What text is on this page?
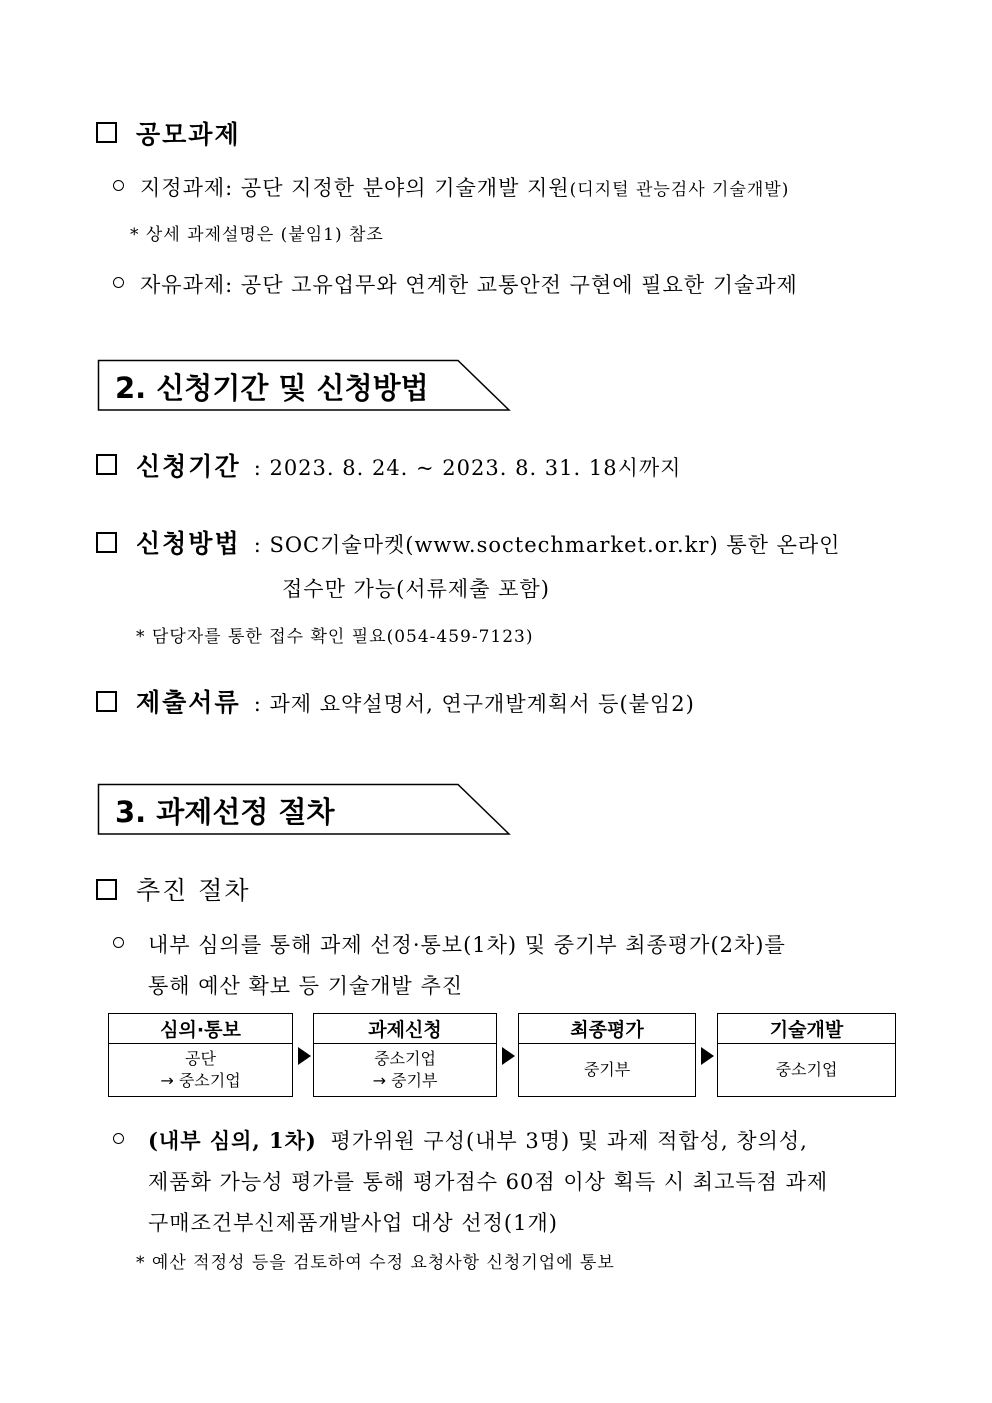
공모과제
지정과제: 공단 지정한 분야의 기술개발 지원(디지털 관능검사 기술개발)
* 상세 과제설명은 (붙임1) 참조
자유과제: 공단 고유업무와 연계한 교통안전 구현에 필요한 기술과제
2. 신청기간 및 신청방법
신청기간 : 2023. 8. 24. ~ 2023. 8. 31. 18시까지
신청방법 : SOC기술마켓(www.soctechmarket.or.kr) 통한 온라인
접수만 가능(서류제출 포함)
* 담당자를 통한 접수 확인 필요(054-459-7123)
제출서류 : 과제 요약설명서, 연구개발계획서 등(붙임2)
3. 과제선정 절차
추진 절차
내부 심의를 통해 과제 선정·통보(1차) 및 중기부 최종평가(2차)를
통해 예산 확보 등 기술개발 추진
심의·통보
공단
→ 중소기업
과제신청
중소기업
→ 중기부
최종평가
중기부
기술개발
중소기업
(내부 심의, 1차) 평가위원 구성(내부 3명) 및 과제 적합성, 창의성,
제품화 가능성 평가를 통해 평가점수 60점 이상 획득 시 최고득점 과제
구매조건부신제품개발사업 대상 선정(1개)
* 예산 적정성 등을 검토하여 수정 요청사항 신청기업에 통보
